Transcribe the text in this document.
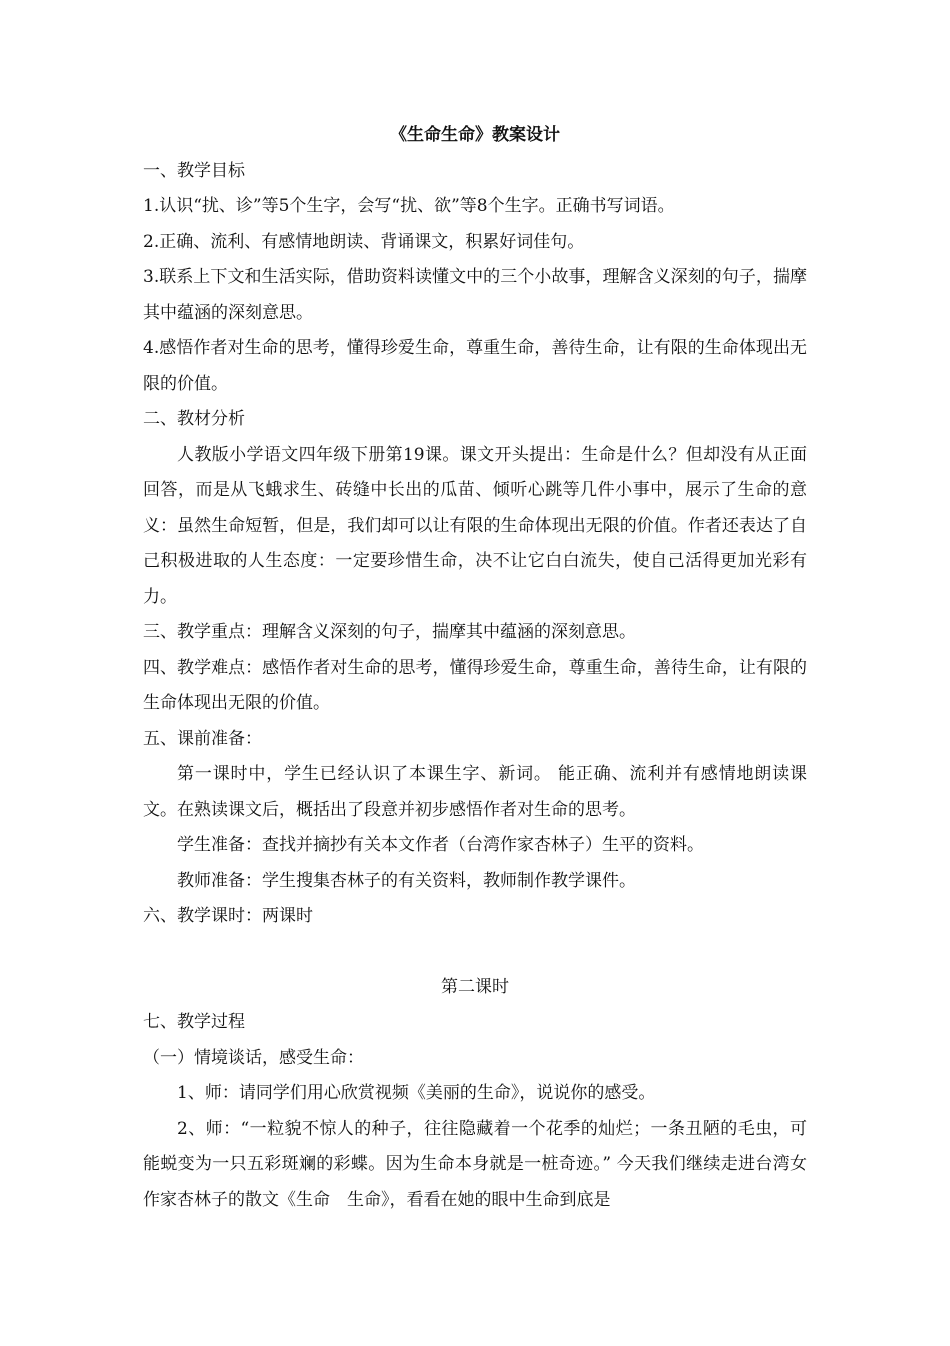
《生命生命》教案设计
一、教学目标
1.认识“扰、诊”等5个生字，会写“扰、欲”等8个生字。正确书写词语。
2.正确、流利、有感情地朗读、背诵课文，积累好词佳句。
3.联系上下文和生活实际，借助资料读懂文中的三个小故事，理解含义深刻的句子，揣摩其中蕴涵的深刻意思。
4.感悟作者对生命的思考，懂得珍爱生命，尊重生命，善待生命，让有限的生命体现出无限的价值。
二、教材分析
人教版小学语文四年级下册第19课。课文开头提出：生命是什么？但却没有从正面回答，而是从飞蛾求生、砖缝中长出的瓜苗、倾听心跳等几件小事中，展示了生命的意义：虽然生命短暂，但是，我们却可以让有限的生命体现出无限的价值。作者还表达了自己积极进取的人生态度：一定要珍惜生命，决不让它白白流失，使自己活得更加光彩有力。
三、教学重点：理解含义深刻的句子，揣摩其中蕴涵的深刻意思。
四、教学难点：感悟作者对生命的思考，懂得珍爱生命，尊重生命，善待生命，让有限的生命体现出无限的价值。
五、课前准备：
第一课时中，学生已经认识了本课生字、新词。 能正确、流利并有感情地朗读课文。在熟读课文后，概括出了段意并初步感悟作者对生命的思考。
学生准备：查找并摘抄有关本文作者（台湾作家杏林子）生平的资料。
教师准备：学生搜集杏林子的有关资料，教师制作教学课件。
六、教学课时：两课时
第二课时
七、教学过程
（一）情境谈话，感受生命：
1、师：请同学们用心欣赏视频《美丽的生命》，说说你的感受。
2、师：“一粒貌不惊人的种子，往往隐藏着一个花季的灿烂；一条丑陋的毛虫，可能蜕变为一只五彩斑斓的彩蝶。因为生命本身就是一桩奇迹。” 今天我们继续走进台湾女作家杏林子的散文《生命　生命》，看看在她的眼中生命到底是
